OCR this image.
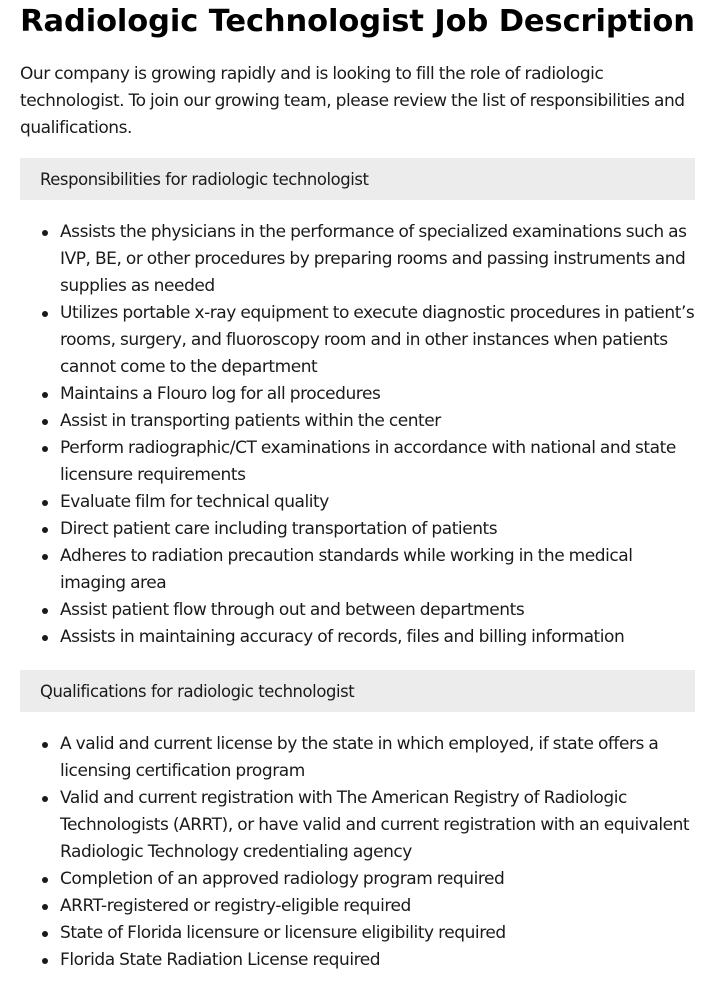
Radiologic Technologist Job Description

Our company is growing rapidly and is looking to fill the role of radiologic technologist. To join our growing team, please review the list of responsibilities and qualifications.

Responsibilities for radiologic technologist
Assists the physicians in the performance of specialized examinations such as IVP, BE, or other procedures by preparing rooms and passing instruments and supplies as needed
Utilizes portable x-ray equipment to execute diagnostic procedures in patient’s rooms, surgery, and fluoroscopy room and in other instances when patients cannot come to the department
Maintains a Flouro log for all procedures
Assist in transporting patients within the center
Perform radiographic/CT examinations in accordance with national and state licensure requirements
Evaluate film for technical quality
Direct patient care including transportation of patients
Adheres to radiation precaution standards while working in the medical imaging area
Assist patient flow through out and between departments
Assists in maintaining accuracy of records, files and billing information
Qualifications for radiologic technologist
A valid and current license by the state in which employed, if state offers a licensing certification program
Valid and current registration with The American Registry of Radiologic Technologists (ARRT), or have valid and current registration with an equivalent Radiologic Technology credentialing agency
Completion of an approved radiology program required
ARRT-registered or registry-eligible required
State of Florida licensure or licensure eligibility required
Florida State Radiation License required
